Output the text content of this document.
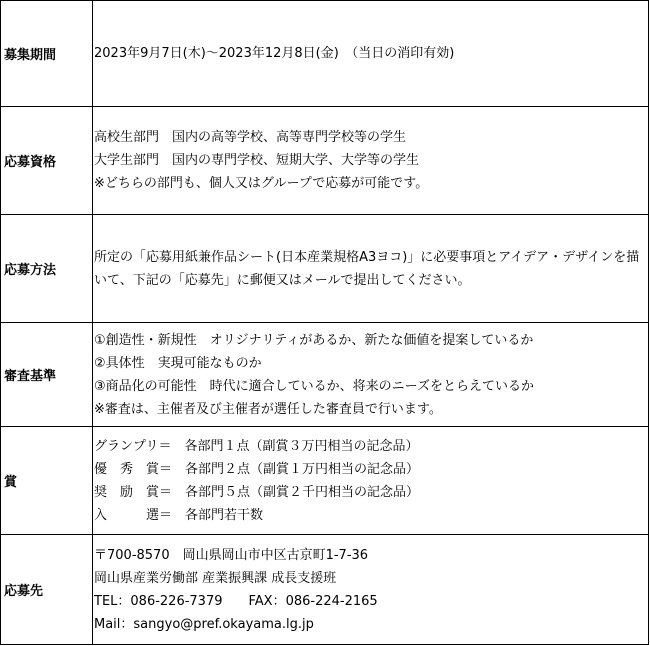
募集期間	2023年9月7日(木)〜2023年12月8日(金)　（当日の消印有効)
応募資格	高校生部門　国内の高等学校、高等専門学校等の学生
大学生部門　国内の専門学校、短期大学、大学等の学生
※どちらの部門も、個人又はグループで応募が可能です。

応募方法	所定の「応募用紙兼作品シート(日本産業規格A3ヨコ)」に必要事項とアイデア・デザインを描いて、下記の「応募先」に郵便又はメールで提出してください。
審査基準	①創造性・新規性　オリジナリティがあるか、新たな価値を提案しているか
②具体性　実現可能なものか
③商品化の可能性　時代に適合しているか、将来のニーズをとらえているか
※審査は、主催者及び主催者が選任した審査員で行います。

賞	グランプリ＝　各部門１点（副賞３万円相当の記念品）
優　秀　賞＝　各部門２点（副賞１万円相当の記念品）
奨　励　賞＝　各部門５点（副賞２千円相当の記念品）
入　　　選＝　各部門若干数

応募先	〒700-8570　岡山県岡山市中区古京町1-7-36
岡山県産業労働部 産業振興課 成長支援班
TEL：086-226-7379　　FAX：086-224-2165
Mail：sangyo@pref.okayama.lg.jp
